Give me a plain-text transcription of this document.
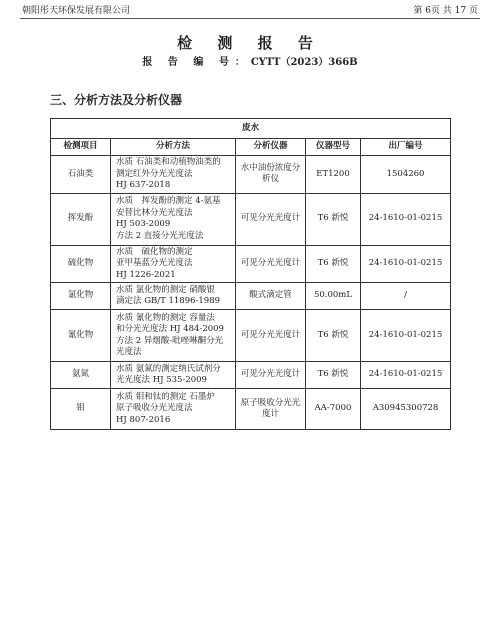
朝阳彤天环保发展有限公司	第 6页 共 17 页
检 测 报 告
报 告 编 号：CYTT（2023）366B
三、分析方法及分析仪器
废水				
检测项目	分析方法	分析仪器	仪器型号	出厂编号
石油类	水质 石油类和动植物油类的
测定红外分光光度法
HJ 637-2018	水中油份浓度分析仪	ET1200	1504260
挥发酚	水质　挥发酚的测定 4-氨基
安替比林分光光度法
HJ 503-2009
方法 2 直接分光光度法	可见分光光度计	T6 新悦	24-1610-01-0215
硫化物	水质　硫化物的测定
亚甲基蓝分光光度法
HJ 1226-2021	可见分光光度计	T6 新悦	24-1610-01-0215
氯化物	水质 氯化物的测定 硝酸银
滴定法 GB/T 11896-1989	酸式滴定管	50.00mL	/
氰化物	水质 氰化物的测定 容量法
和分光光度法 HJ 484-2009
方法 2 异烟酸-吡唑啉酮分光
光度法	可见分光光度计	T6 新悦	24-1610-01-0215
氨氮	水质 氨氮的测定纳氏试剂分
光光度法 HJ 535-2009	可见分光光度计	T6 新悦	24-1610-01-0215
钼	水质 钼和钛的测定 石墨炉
原子吸收分光光度法
HJ 807-2016	原子吸收分光光度计	AA-7000	A30945300728
